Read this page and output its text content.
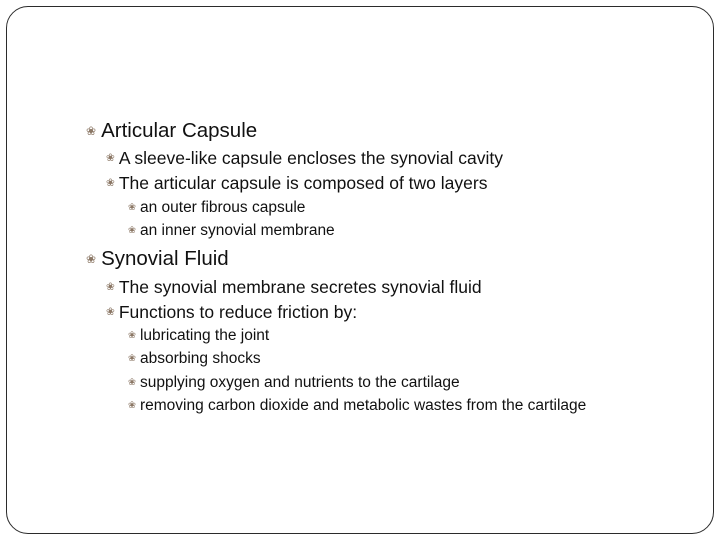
❀ Articular Capsule
❀ A sleeve-like capsule encloses the synovial cavity
❀ The articular capsule is composed of two layers
❀ an outer fibrous capsule
❀ an inner synovial membrane
❀ Synovial Fluid
❀ The synovial membrane secretes synovial fluid
❀ Functions to reduce friction by:
❀ lubricating the joint
❀ absorbing shocks
❀ supplying oxygen and nutrients to the cartilage
❀ removing carbon dioxide and metabolic wastes from the cartilage
